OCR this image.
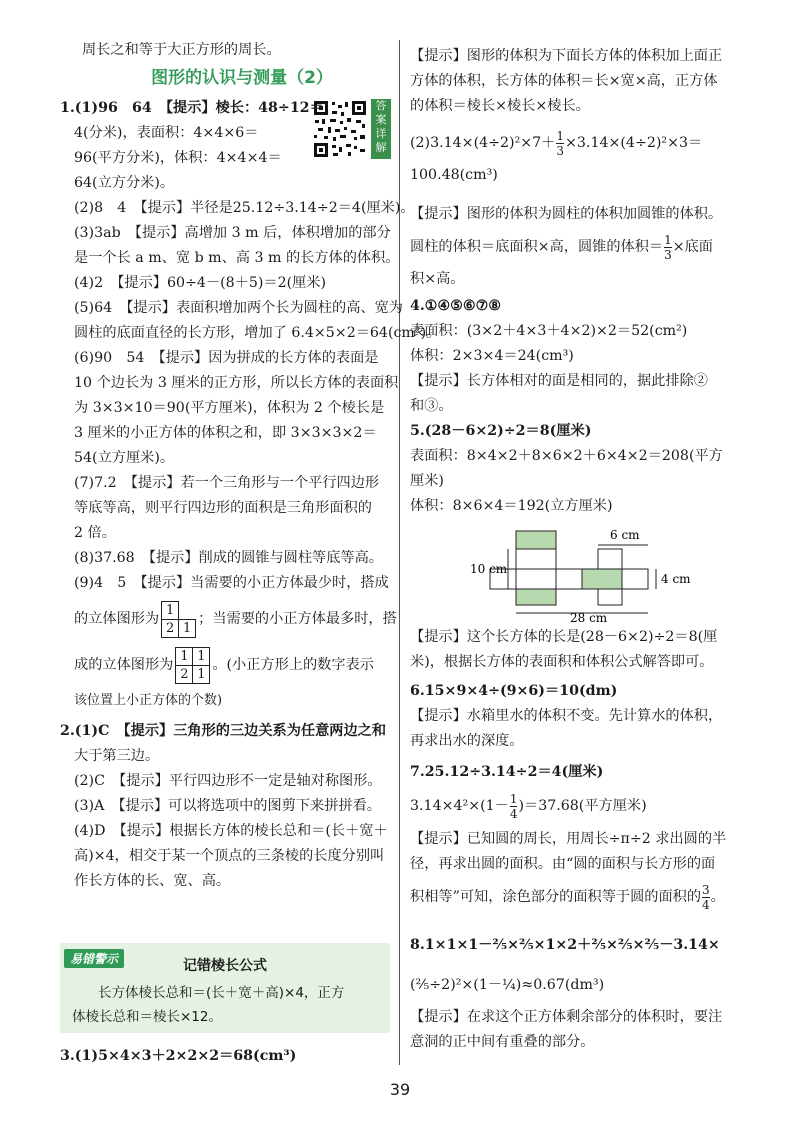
周长之和等于大正方形的周长。
图形的认识与测量（2）
答案详解
1.(1)96　64　【提示】棱长：48÷12＝
4(分米)，表面积：4×4×6＝
96(平方分米)，体积：4×4×4＝
64(立方分米)。
(2)8　4　【提示】半径是25.12÷3.14÷2＝4(厘米)。
(3)3ab　【提示】高增加 3 m 后，体积增加的部分
是一个长 a m、宽 b m、高 3 m 的长方体的体积。
(4)2　【提示】60÷4－(8＋5)＝2(厘米)
(5)64　【提示】表面积增加两个长为圆柱的高、宽为
圆柱的底面直径的长方形，增加了 6.4×5×2＝64(cm²)。
(6)90　54　【提示】因为拼成的长方体的表面是
10 个边长为 3 厘米的正方形，所以长方体的表面积
为 3×3×10＝90(平方厘米)，体积为 2 个棱长是
3 厘米的小正方体的体积之和，即 3×3×3×2＝
54(立方厘米)。
(7)7.2　【提示】若一个三角形与一个平行四边形
等底等高，则平行四边形的面积是三角形面积的
2 倍。
(8)37.68　【提示】削成的圆锥与圆柱等底等高。
(9)4　5　【提示】当需要的小正方体最少时，搭成
的立体图形为
1	
2	1
；当需要的小正方体最多时，搭
成的立体图形为
1	1
2	1
。(小正方形上的数字表示
该位置上小正方体的个数)
2.(1)C　【提示】三角形的三边关系为任意两边之和
大于第三边。
(2)C　【提示】平行四边形不一定是轴对称图形。
(3)A　【提示】可以将选项中的图剪下来拼拼看。
(4)D　【提示】根据长方体的棱长总和＝(长＋宽＋
高)×4，相交于某一个顶点的三条棱的长度分别叫
作长方体的长、宽、高。
易错警示	记错棱长公式
长方体棱长总和＝(长＋宽＋高)×4，正方
体棱长总和＝棱长×12。
3.(1)5×4×3＋2×2×2＝68(cm³)
【提示】图形的体积为下面长方体的体积加上面正
方体的体积，长方体的体积＝长×宽×高，正方体
的体积＝棱长×棱长×棱长。
$(2)3.14\times(4\div 2)^2\times 7+ \frac{1}{3} \times 3.14\times(4\div 2)^2\times 3=$
100.48(cm³)
【提示】图形的体积为圆柱的体积加圆锥的体积。
圆柱的体积＝底面积×高，圆锥的体积＝ $\frac{1}{3}$ ×底面
积×高。
4.①④⑤⑥⑦⑧
表面积：(3×2＋4×3＋4×2)×2＝52(cm²)
体积：2×3×4＝24(cm³)
【提示】长方体相对的面是相同的，据此排除②
和③。
5.(28－6×2)÷2＝8(厘米)
表面积：8×4×2＋8×6×2＋6×4×2＝208(平方
厘米)
体积：8×6×4＝192(立方厘米)
10 cm
6 cm
4 cm
28 cm
【提示】这个长方体的长是(28－6×2)÷2＝8(厘
米)，根据长方体的表面积和体积公式解答即可。
6.15×9×4÷(9×6)＝10(dm)
【提示】水箱里水的体积不变。先计算水的体积，
再求出水的深度。
7.25.12÷3.14÷2＝4(厘米)
$3.14\times 4^2\times(1- \frac{1}{4} )=37.68$(平方厘米)
【提示】已知圆的周长，用周长÷π÷2 求出圆的半
径，再求出圆的面积。由“圆的面积与长方形的面
积相等”可知，涂色部分的面积等于圆的面积的 $\frac{3}{4}$ 。
8.1×1×1－⅖×⅖×1×2＋⅖×⅖×⅖－3.14×
(⅖÷2)²×(1－¼)≈0.67(dm³)
【提示】在求这个正方体剩余部分的体积时，要注
意洞的正中间有重叠的部分。
39
